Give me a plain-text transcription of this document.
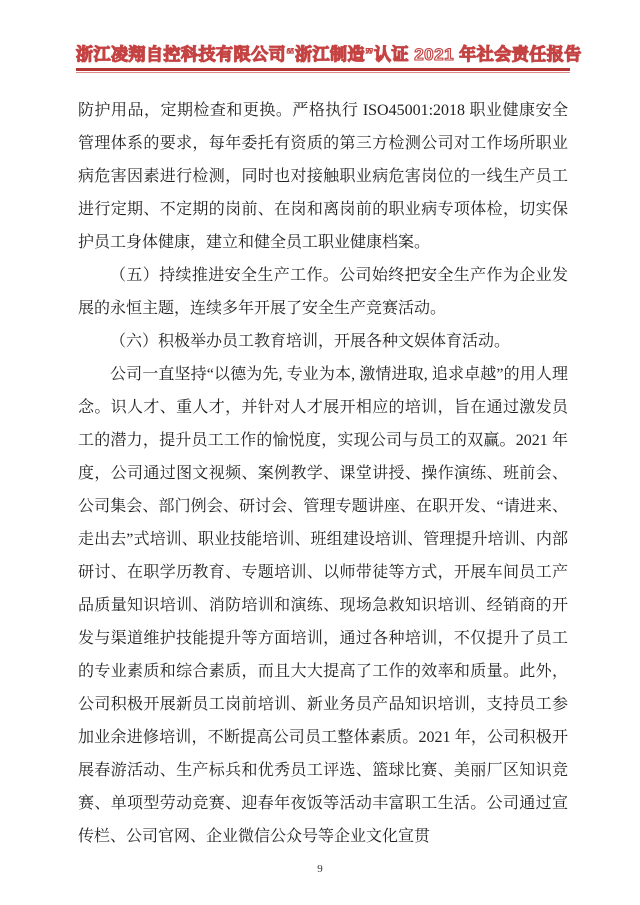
浙江凌翔自控科技有限公司 “浙江制造”认证 2021 年社会责任报告

防护用品，定期检查和更换。严格执行 ISO45001:2018 职业健康安全管理体系的要求，每年委托有资质的第三方检测公司对工作场所职业病危害因素进行检测，同时也对接触职业病危害岗位的一线生产员工进行定期、不定期的岗前、在岗和离岗前的职业病专项体检，切实保护员工身体健康，建立和健全员工职业健康档案。

（五）持续推进安全生产工作。公司始终把安全生产作为企业发展的永恒主题，连续多年开展了安全生产竞赛活动。

（六）积极举办员工教育培训，开展各种文娱体育活动。

公司一直坚持“以德为先, 专业为本, 激情进取, 追求卓越”的用人理念。识人才、重人才，并针对人才展开相应的培训，旨在通过激发员工的潜力，提升员工工作的愉悦度，实现公司与员工的双赢。2021 年度，公司通过图文视频、案例教学、课堂讲授、操作演练、班前会、公司集会、部门例会、研讨会、管理专题讲座、在职开发、“请进来、走出去”式培训、职业技能培训、班组建设培训、管理提升培训、内部研讨、在职学历教育、专题培训、以师带徒等方式，开展车间员工产品质量知识培训、消防培训和演练、现场急救知识培训、经销商的开发与渠道维护技能提升等方面培训，通过各种培训，不仅提升了员工的专业素质和综合素质，而且大大提高了工作的效率和质量。此外，公司积极开展新员工岗前培训、新业务员产品知识培训，支持员工参加业余进修培训，不断提高公司员工整体素质。2021 年，公司积极开展春游活动、生产标兵和优秀员工评选、篮球比赛、美丽厂区知识竞赛、单项型劳动竞赛、迎春年夜饭等活动丰富职工生活。公司通过宣传栏、公司官网、企业微信公众号等企业文化宣贯

9
